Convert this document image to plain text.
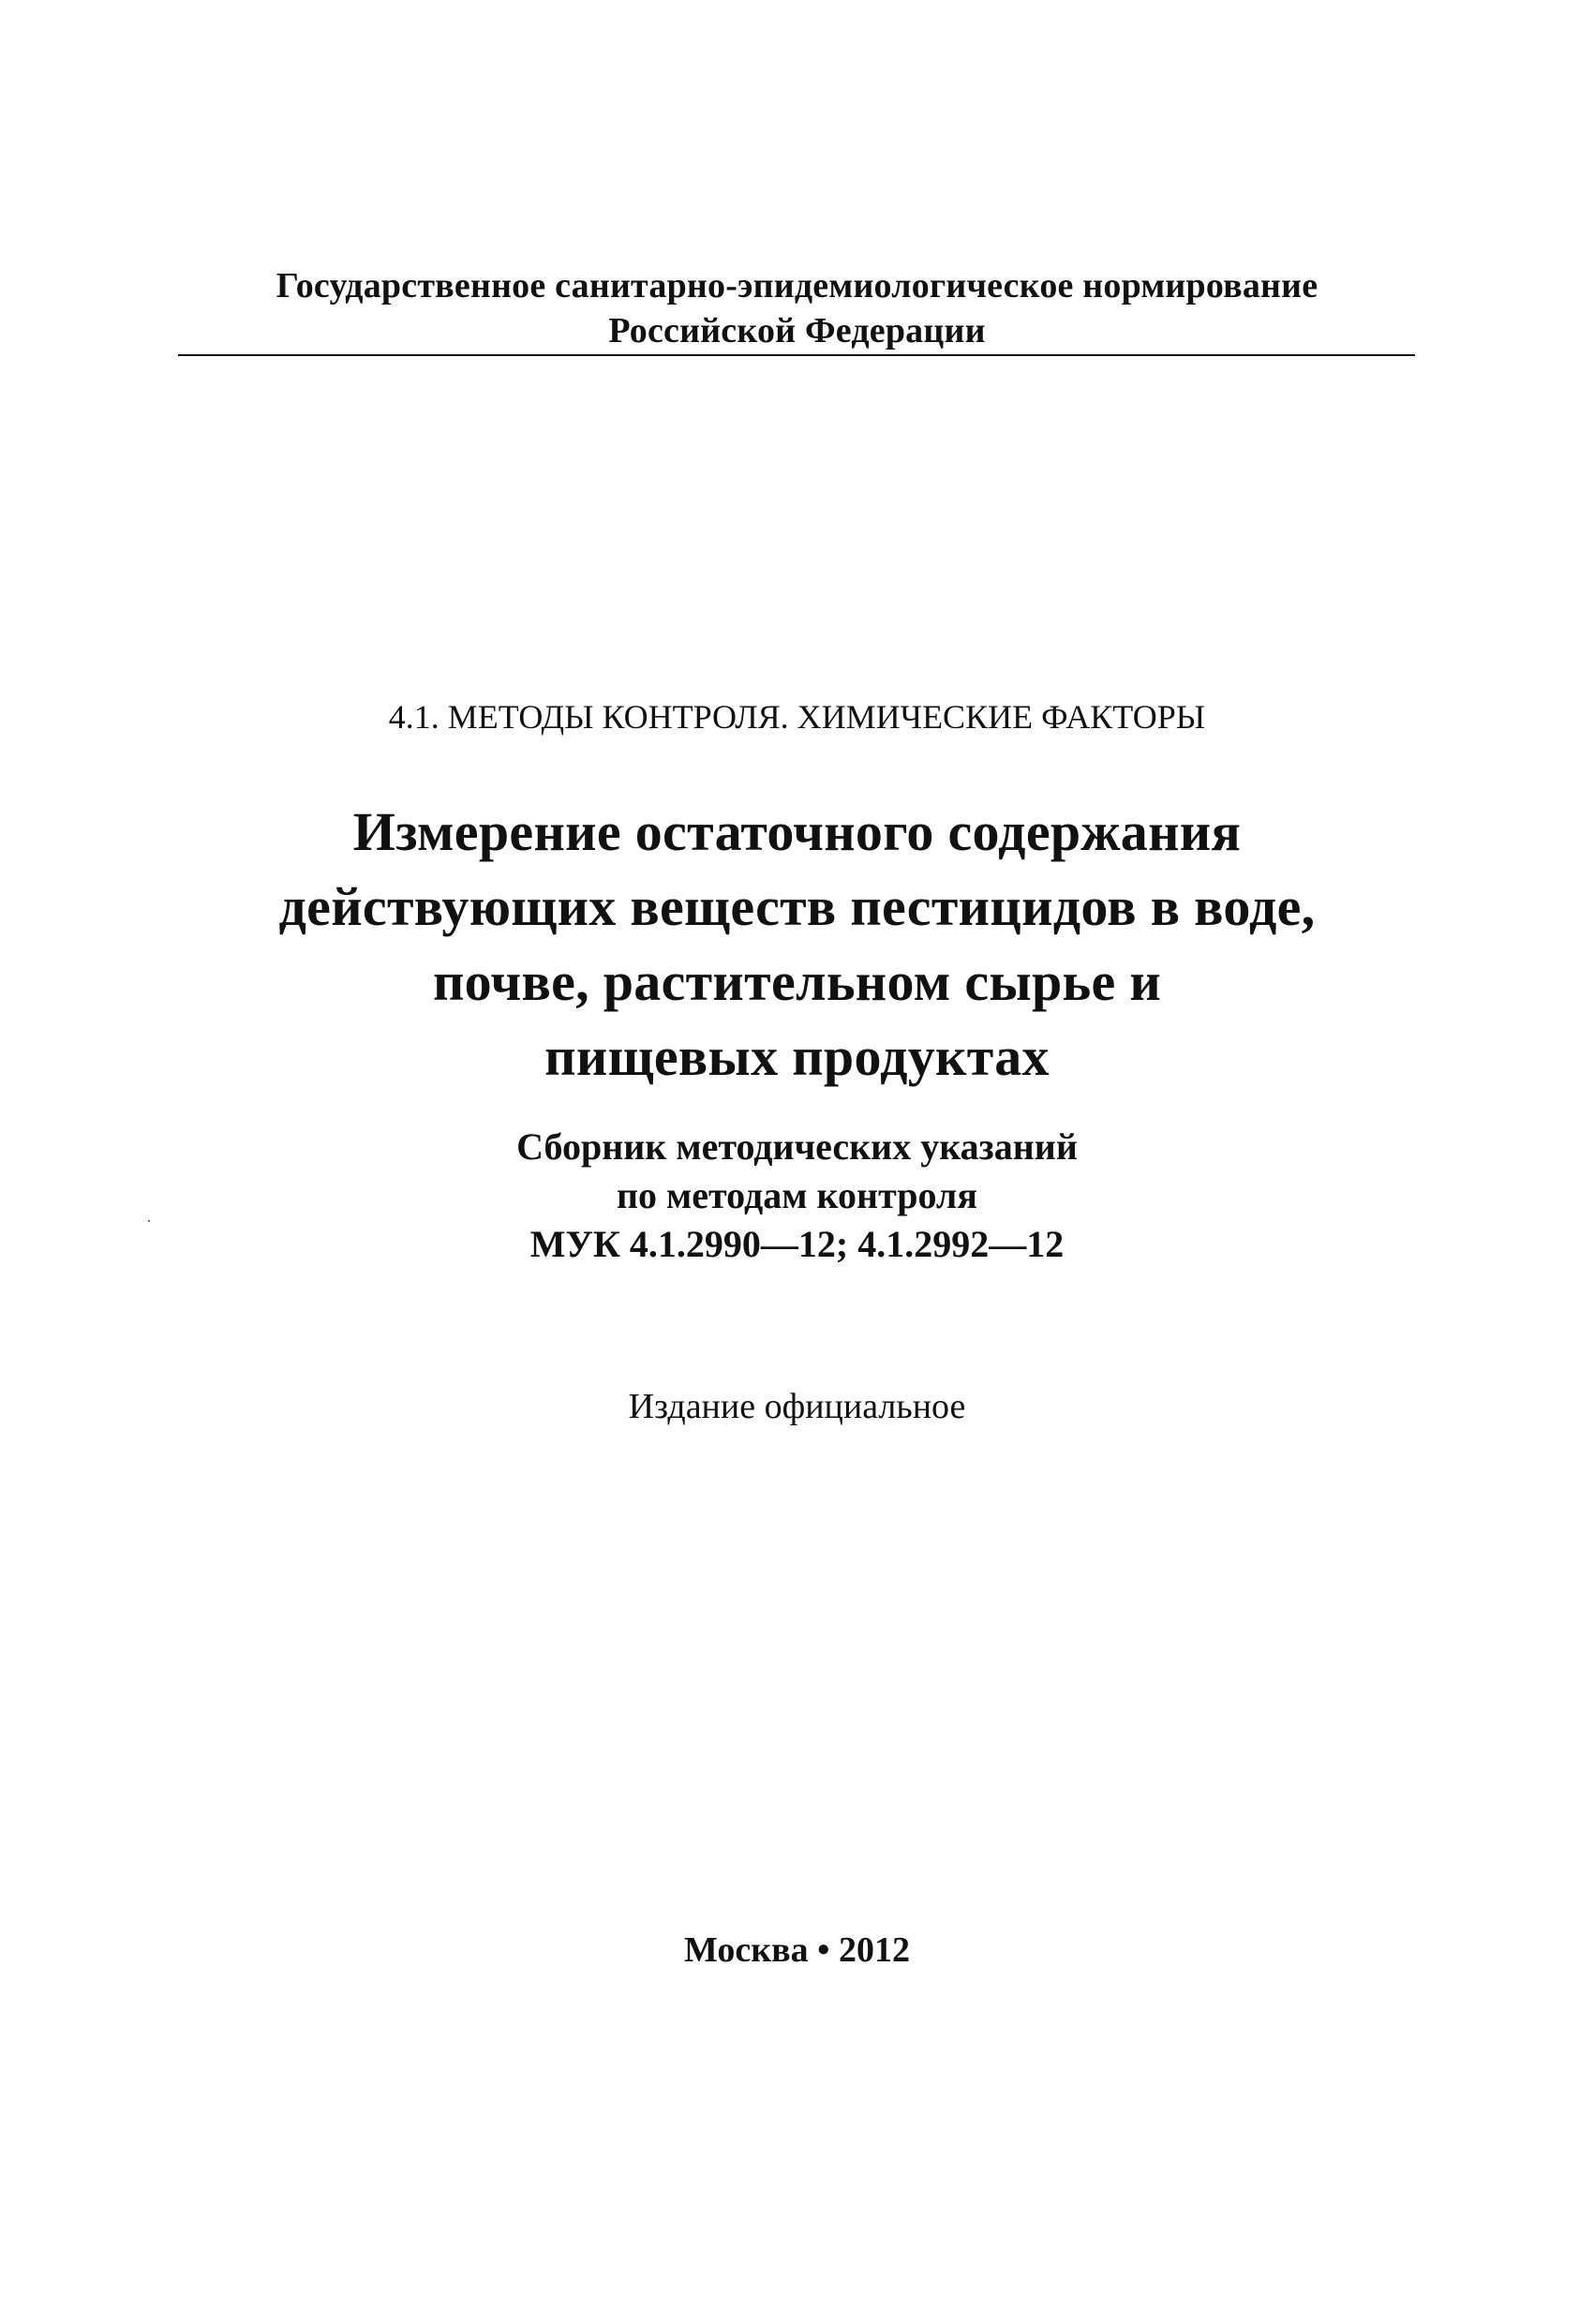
Государственное санитарно-эпидемиологическое нормирование
Российской Федерации
4.1. МЕТОДЫ КОНТРОЛЯ. ХИМИЧЕСКИЕ ФАКТОРЫ
Измерение остаточного содержания
действующих веществ пестицидов в воде,
почве, растительном сырье и
пищевых продуктах
Сборник методических указаний
по методам контроля
МУК 4.1.2990—12; 4.1.2992—12
Издание официальное
Москва • 2012
